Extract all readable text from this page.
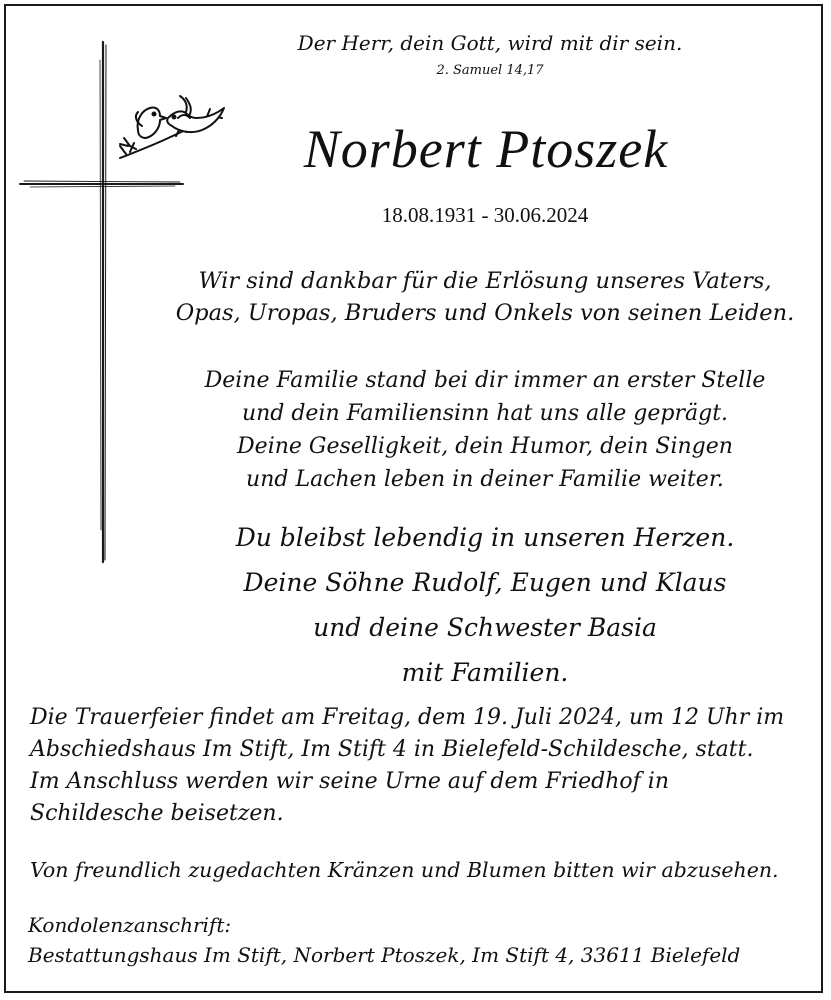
Der Herr, dein Gott, wird mit dir sein.
2. Samuel 14,17
Norbert Ptoszek
18.08.1931 - 30.06.2024
Wir sind dankbar für die Erlösung unseres Vaters,
Opas, Uropas, Bruders und Onkels von seinen Leiden.
Deine Familie stand bei dir immer an erster Stelle
und dein Familiensinn hat uns alle geprägt.
Deine Geselligkeit, dein Humor, dein Singen
und Lachen leben in deiner Familie weiter.
Du bleibst lebendig in unseren Herzen.
Deine Söhne Rudolf, Eugen und Klaus
und deine Schwester Basia
mit Familien.
Die Trauerfeier findet am Freitag, dem 19. Juli 2024, um 12 Uhr im
Abschiedshaus Im Stift, Im Stift 4 in Bielefeld-Schildesche, statt.
Im Anschluss werden wir seine Urne auf dem Friedhof in
Schildesche beisetzen.
Von freundlich zugedachten Kränzen und Blumen bitten wir abzusehen.
Kondolenzanschrift:
Bestattungshaus Im Stift, Norbert Ptoszek, Im Stift 4, 33611 Bielefeld
